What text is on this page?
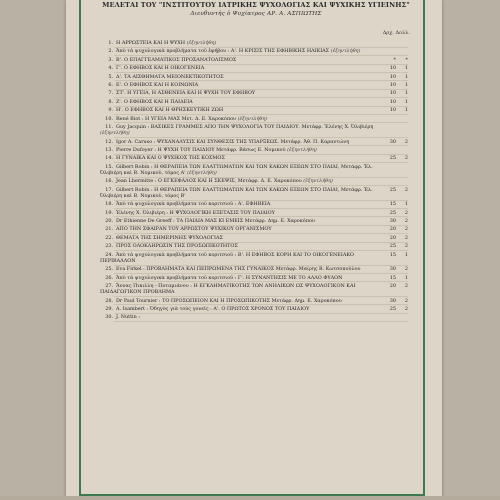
ΜΕΛΕΤΑΙ ΤΟΥ "ΙΝΣΤΙΤΟΥΤΟΥ ΙΑΤΡΙΚΗΣ ΨΥΧΟΛΟΓΙΑΣ ΚΑΙ ΨΥΧΙΚΗΣ ΥΓΙΕΙΝΗΣ"
Διευθυντής ὁ Ψυχίατρος ΑΡ. Α. ΑΣΠΙΩΤΗΣ
Δρχ. Δολλ.
1. Η ΑΡΡΩΣΤΕΙΑ ΚΑΙ Η ΨΥΧΗ (ἐξηντλήθη)
2. Ἀπὸ τὰ ψυχολογικὰ προβλήματα τοῦ ἐφήβου : Α'. Η ΚΡΙΣΙΣ ΤΗΣ ΕΦΗΒΙΚΗΣ ΗΛΙΚΙΑΣ (ἐξηντλήθη)
3. Β'. Ο ΕΠΑΓΓΕΛΜΑΤΙΚΟΣ ΠΡΟΣΑΝΑΤΟΛΙΣΜΟΣ	*	*
4. Γ'. Ο ΕΦΗΒΟΣ ΚΑΙ Η ΟΙΚΟΓΕΝΕΙΑ	10	1
5. Δ'. ΤΑ ΑΙΣΘΗΜΑΤΑ ΜΕΙΟΝΕΚΤΙΚΟΤΗΤΟΣ	10	1
6. Ε'. Ο ΕΦΗΒΟΣ ΚΑΙ Η ΚΟΙΝΩΝΙΑ	10	1
7. ΣΤ'. Η ΥΓΕΙΑ, Η ΑΣΘΕΝΕΙΑ ΚΑΙ Η ΨΥΧΗ ΤΟΥ ΕΦΗΒΟΥ	10	1
8. Ζ'. Ο ΕΦΗΒΟΣ ΚΑΙ Η ΠΑΙΔΕΙΑ	10	1
9. Η'. Ο ΕΦΗΒΟΣ ΚΑΙ Η ΘΡΗΣΚΕΥΤΙΚΗ ΖΩΗ	10	1
10. René Biot : Η ΥΓΕΙΑ ΜΑΣ Μετ. Δ. Ε. Χαροκόπου (ἐξηντλήθη)
11. Guy Jacquin : ΒΑΣΙΚΕΣ ΓΡΑΜΜΕΣ ΑΠΟ ΤΗΝ ΨΥΧΟΛΟΓΙΑ ΤΟΥ ΠΑΙΔΙΟΥ. Μετάφρ. Ἐλένης Χ. Ὀλιβιέρη (ἐξηντλήθη)
12. Igor A. Caruso : ΨΥΧΑΝΑΛΥΣΙΣ ΚΑΙ ΣΥΝΘΕΣΙΣ ΤΗΣ ΥΠΑΡΞΕΩΣ. Μετάφρ. Ἀθ. Π. Καραντώνη	30	2
13. Pierre Dufoyer : Η ΨΥΧΗ ΤΟΥ ΠΑΙΔΙΟΥ Μετάφρ. Βάσως Ε. Νομικοῦ (ἐξηντλήθη)
14. Η ΓΥΝΑΙΚΑ ΚΑΙ Ο ΨΥΧΙΚΟΣ ΤΗΣ ΚΟΣΜΟΣ	25	2
15. Gilbert Robin : Η ΘΕΡΑΠΕΙΑ ΤΩΝ ΕΛΑΤΤΩΜΑΤΩΝ ΚΑΙ ΤΩΝ ΚΑΚΩΝ ΕΞΕΩΝ ΣΤΟ ΠΑΙΔΙ, Μετάφρ. Ἐλ. Ὀλιβιέρη καὶ Β. Νομικοῦ, τόμος Α' (ἐξηντλήθη)
16. Jean Lhermitte : Ο ΕΓΚΕΦΑΛΟΣ ΚΑΙ Η ΣΚΕΨΙΣ, Μετάφρ. Δ. Ε. Χαροκόπου (ἐξηντλήθη)
17. Gilbert Robin : Η ΘΕΡΑΠΕΙΑ ΤΩΝ ΕΛΑΤΤΩΜΑΤΩΝ ΚΑΙ ΤΩΝ ΚΑΚΩΝ ΕΞΕΩΝ ΣΤΟ ΠΑΙΔΙ, Μετάφρ. Ἐλ. Ὀλιβιέρη καὶ Β. Νομικοῦ, τόμος Β'
25	2
18. Ἀπὸ τὰ ψυχολογικὰ προβλήματα τοῦ κοριτσιοῦ : Α'. ΕΦΗΒΕΙΑ	15	1
19. Ἐλένης Χ. Ὀλιβιέρη : Η ΨΥΧΟΛΟΓΙΚΗ ΕΞΕΤΑΣΙΣ ΤΟΥ ΠΑΙΔΙΟΥ	25	2
20. Dr Ethienne De Greeff : ΤΑ ΠΑΙΔΙΑ ΜΑΣ ΚΙ ΕΜΕΙΣ Μετάφρ. Δημ. Ε. Χαροκόπου	30	2
21. ΑΠΟ ΤΗΝ ΣΦΑΙΡΑΝ ΤΟΥ ΑΡΡΩΣΤΟΥ ΨΥΧΙΚΟΥ ΟΡΓΑΝΙΣΜΟΥ	20	2
22. ΘΕΜΑΤΑ ΤΗΣ ΣΗΜΕΡΙΝΗΣ ΨΥΧΟΛΟΓΙΑΣ	20	2
23. ΠΡΟΣ ΟΛΟΚΛΗΡΩΣΙΝ ΤΗΣ ΠΡΟΣΩΠΙΚΟΤΗΤΟΣ	25	2
24. Ἀπὸ τὰ ψυχολογικὰ προβλήματα τοῦ κοριτσιοῦ : Β'. Η ΕΦΗΒΟΣ ΚΟΡΗ ΚΑΙ ΤΟ ΟΙΚΟΓΕΝΕΙΑΚΟ ΠΕΡΙΒΑΛΛΟΝ
15	1
25. Eva Firkel : ΠΡΟΒΛΗΜΑΤΑ ΚΑΙ ΠΕΠΡΩΜΕΝΑ ΤΗΣ ΓΥΝΑΙΚΟΣ Μετάφρ. Μαίρης Β. Κωτσοπούλου	30	2
26. Ἀπὸ τὰ ψυχολογικὰ προβλήματα τοῦ κοριτσιοῦ : Γ'. Η ΣΥΝΑΝΤΗΣΙΣ ΜΕ ΤΟ ΑΛΛΟ ΦΥΛΟΝ	15	1
27. Ἄννας Πικιλλη - Ποταμιάνου : Η ΕΓΚΛΗΜΑΤΙΚΟΤΗΣ ΤΩΝ ΑΝΗΛΙΚΩΝ ΩΣ ΨΥΧΟΛΟΓΙΚΟΝ ΚΑΙ ΠΑΙΔΑΓΩΓΙΚΟΝ ΠΡΟΒΛΗΜΑ
20	2
28. Dr Paul Tournier : ΤΟ ΠΡΟΣΩΠΕΙΟΝ ΚΑΙ Η ΠΡΟΣΩΠΙΚΟΤΗΣ Μετάφρ. Δημ. Ε. Χαροκόπου	30	2
29. A. Isambert : Ὁδηγὸς γιὰ τοὺς γονεῖς : Α'. Ο ΠΡΩΤΟΣ ΧΡΟΝΟΣ ΤΟΥ ΠΑΙΔΙΟΥ	25	2
30. J. Nuttin :
